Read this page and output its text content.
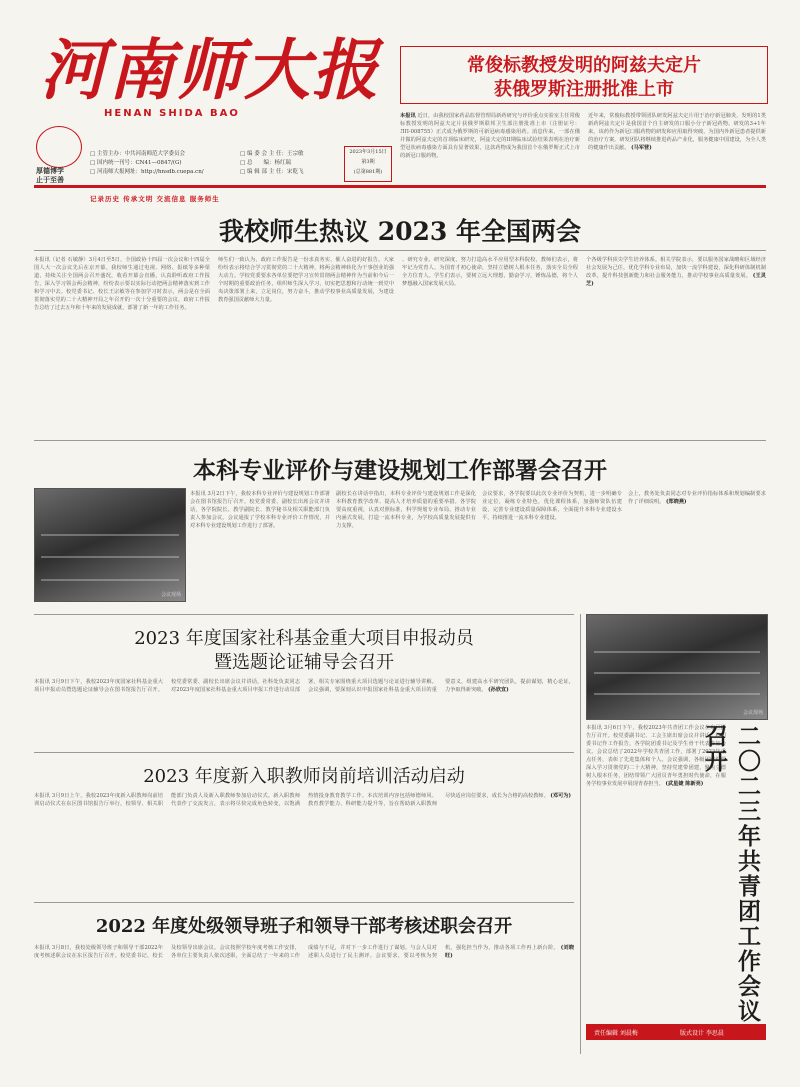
河南师大报
HENAN SHIDA BAO
厚德博学
止于至善
□ 主管主办：中共河南师范大学委员会
□ 国内统一刊号：CN41—0847/(G)
□ 河南师大报网址：http://hnsdb.cuepa.cn/
□ 编 委 会 主 任：王宗敏
□ 总　　编：杨红瑞
□ 编 辑 部 主 任：宋乾飞
2023年3月15日
第3期
(总第881期)
记录历史 传承文明 交流信息 服务师生
常俊标教授发明的阿兹夫定片
获俄罗斯注册批准上市
本报讯 近日，由我校国家药品监督管理局新药研究与评价重点实验室主任常俊标教授发明的阿兹夫定片获俄罗斯联邦卫生部注册批准上市（注册证号：ЛП-008755）正式成为俄罗斯的可新冠病毒感染用药。消息传来，一部在俄并做的阿兹夫定的首项临床研究，阿兹夫定的II期临床试验结果表明在治疗新型冠状病毒感染方面具有显著效果，这款药物成为我国首个在俄罗斯正式上市的新冠口服药物。
近年来，常俊标教授带领团队研发阿兹夫定片用于治疗新冠肺炎，发明的1类新药阿兹夫定片是我国首个自主研发的口服小分子新冠药物。研发的3+1年来，该药作为新冠口服药物的研发和应用取得突破，为国内外新冠患者提供新的治疗方案，研发团队将继续推进药品产业化，服务健康中国建设，为全人类的健康作出贡献。 (马军营)
我校师生热议 2023 年全国两会
本报讯（记者 石敏静）3月4日至5日，全国政协十四届一次会议和十四届全国人大一次会议先后在京开幕。我校师生通过电视、网络、报纸等多种渠道，持续关注全国两会召开盛况，收看开幕会直播，认真聆听政府工作报告，深入学习领会两会精神，纷纷表示要以实际行动把两会精神落实到工作和学习中去。校党委书记、校长王宗敏等在参加学习时表示，两会是在全面贯彻落实党的二十大精神开局之年召开的一次十分重要的会议，政府工作报告总结了过去五年和十年来的发展成就，部署了新一年的工作任务。
师生们一致认为，政府工作报告是一份求真务实、催人奋进的好报告。大家纷纷表示将结合学习贯彻党的二十大精神，将两会精神转化为干事创业的强大动力。学校党委要求各单位要把学习宣传贯彻两会精神作为当前和今后一个时期的重要政治任务，组织师生深入学习，切实把思想和行动统一到党中央决策部署上来，立足岗位，努力奋斗，推动学校事业高质量发展，为建设教育强国贡献师大力量。
、研究专业、研究深度，努力打造高水平应用型本科院校，教师们表示，将牢记为党育人、为国育才初心使命，坚持立德树人根本任务，落实全员全程全方位育人。学生们表示，要树立远大理想，勤奋学习，锤炼品德，将个人梦想融入国家发展大局。
个各级学科顶尖学生培养体系。相关学院表示，要以服务国家战略和区域经济社会发展为己任，优化学科专业布局，加快一流学科建设，深化科研体制机制改革，提升科技创新能力和社会服务能力，推动学校事业高质量发展。 (王灵芝)
本科专业评价与建设规划工作部署会召开
会议现场
本报讯 3月2日下午，我校本科专业评价与建设规划工作部署会在图书馆报告厅召开。校党委常委、副校长出席会议并讲话，各学院院长、教学副院长、教学秘书及相关职能部门负责人参加会议。会议通报了学校本科专业评价工作情况，并对本科专业建设规划工作进行了部署。
副校长在讲话中指出，本科专业评价与建设规划工作是深化本科教育教学改革、提高人才培养质量的重要举措。各学院要高度重视，认真对照标准，科学规划专业布局，推动专业内涵式发展，打造一流本科专业，为学校高质量发展提供有力支撑。
会议要求，各学院要以此次专业评价为契机，进一步明确专业定位，凝练专业特色，优化课程体系，加强师资队伍建设，完善专业建设质量保障体系，全面提升本科专业建设水平，持续推进一流本科专业建设。
会上，教务处负责同志对专业评价指标体系和规划编制要求作了详细说明。 (郑晓燕)
2023 年度国家社科基金重大项目申报动员
暨选题论证辅导会召开
本报讯 3月9日下午，我校2023年度国家社科基金重大项目申报动员暨选题论证辅导会在图书馆报告厅召开。校党委常委、副校长出席会议并讲话，社科处负责同志对2023年度国家社科基金重大项目申报工作进行动员部署，相关专家围绕重大项目选题与论证进行辅导讲解。会议强调，要深刻认识申报国家社科基金重大项目的重要意义，组建高水平研究团队，提前谋划，精心论证，力争取得新突破。 (孙欣宜)
2023 年度新入职教师岗前培训活动启动
本报讯 3月9日上午，我校2023年度新入职教师岗前培训启动仪式在东区图书馆报告厅举行，校领导、相关职能部门负责人及新入职教师参加启动仪式。新入职教师代表作了交流发言，表示将尽快完成角色转变，以饱满热情投身教育教学工作。本次培训内容包括师德师风、教育教学能力、科研能力提升等，旨在帮助新入职教师尽快适应岗位要求，成长为合格的高校教师。 (邓可为)
2022 年度处级领导班子和领导干部考核述职会召开
本报讯 3月8日，我校处级领导班子和领导干部2022年度考核述职会议在东区报告厅召开。校党委书记、校长及校领导出席会议。会议按照学校年度考核工作安排，各单位主要负责人依次述职，全面总结了一年来的工作成绩与不足，并对下一步工作进行了谋划。与会人员对述职人员进行了民主测评。会议要求，要以考核为契机，强化担当作为，推动各项工作再上新台阶。 (刘晓旺)
会议现场
本报讯 3月6日下午，我校2023年共青团工作会议在东区报告厅召开。校党委副书记、工会主席出席会议并讲话，校团委书记作工作报告，各学院团委书记及学生骨干代表参加会议。会议总结了2022年学校共青团工作，部署了2023年重点任务，表彰了先进集体和个人。会议强调，各级团组织要深入学习贯彻党的二十大精神，坚持党建带团建，聚焦立德树人根本任务，团结带领广大团员青年勇担时代使命，在服务学校事业发展中展现青春担当。 (武星婕 陈新亮)	二〇二三年共青团工作会议召开
责任编辑 刘晨梅	版式设计 李思晨
